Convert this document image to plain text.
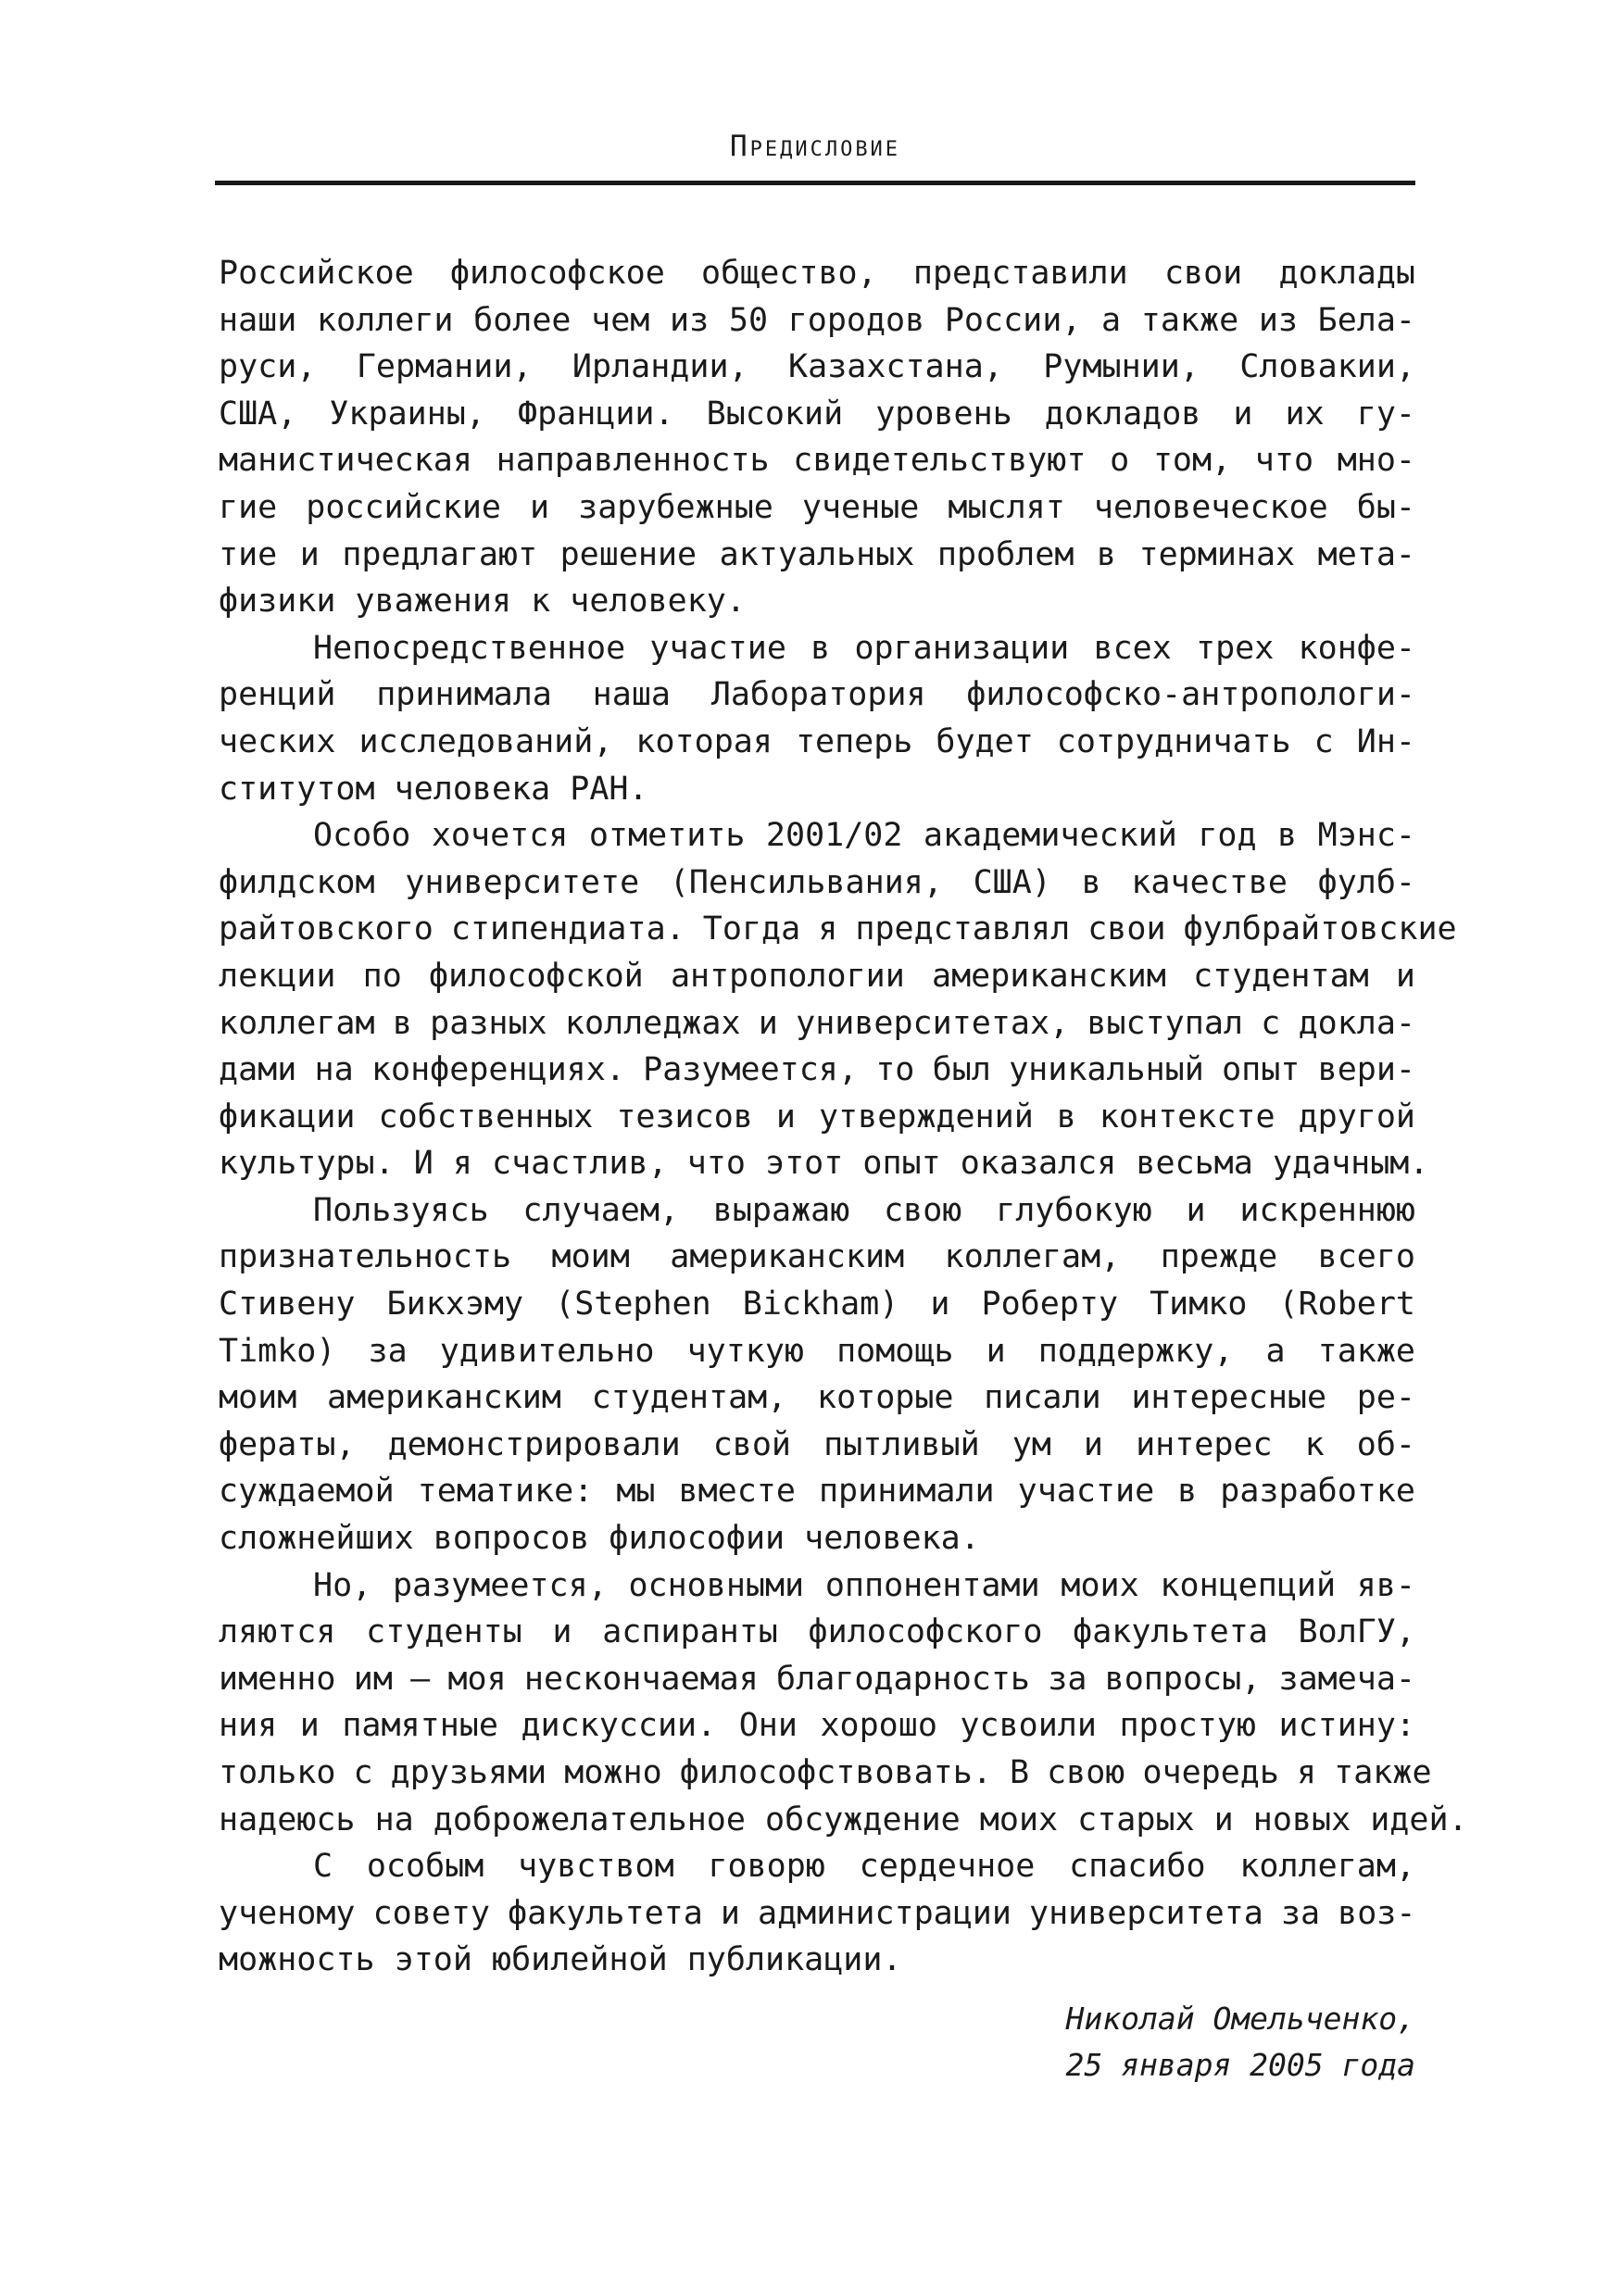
Предисловие
Российское философское общество, представили свои доклады
наши коллеги более чем из 50 городов России, а также из Бела-
руси, Германии, Ирландии, Казахстана, Румынии, Словакии,
США, Украины, Франции. Высокий уровень докладов и их гу-
манистическая направленность свидетельствуют о том, что мно-
гие российские и зарубежные ученые мыслят человеческое бы-
тие и предлагают решение актуальных проблем в терминах мета-
физики уважения к человеку.
Непосредственное участие в организации всех трех конфе-
ренций принимала наша Лаборатория философско-антропологи-
ческих исследований, которая теперь будет сотрудничать с Ин-
ститутом человека РАН.
Особо хочется отметить 2001/02 академический год в Мэнс-
филдском университете (Пенсильвания, США) в качестве фулб-
райтовского стипендиата. Тогда я представлял свои фулбрайтовские
лекции по философской антропологии американским студентам и
коллегам в разных колледжах и университетах, выступал с докла-
дами на конференциях. Разумеется, то был уникальный опыт вери-
фикации собственных тезисов и утверждений в контексте другой
культуры. И я счастлив, что этот опыт оказался весьма удачным.
Пользуясь случаем, выражаю свою глубокую и искреннюю
признательность моим американским коллегам, прежде всего
Стивену Бикхэму (Stephen Bickham) и Роберту Тимко (Robert
Timko) за удивительно чуткую помощь и поддержку, а также
моим американским студентам, которые писали интересные ре-
фераты, демонстрировали свой пытливый ум и интерес к об-
суждаемой тематике: мы вместе принимали участие в разработке
сложнейших вопросов философии человека.
Но, разумеется, основными оппонентами моих концепций яв-
ляются студенты и аспиранты философского факультета ВолГУ,
именно им — моя нескончаемая благодарность за вопросы, замеча-
ния и памятные дискуссии. Они хорошо усвоили простую истину:
только с друзьями можно философствовать. В свою очередь я также
надеюсь на доброжелательное обсуждение моих старых и новых идей.
С особым чувством говорю сердечное спасибо коллегам,
ученому совету факультета и администрации университета за воз-
можность этой юбилейной публикации.
Николай Омельченко,
25 января 2005 года
